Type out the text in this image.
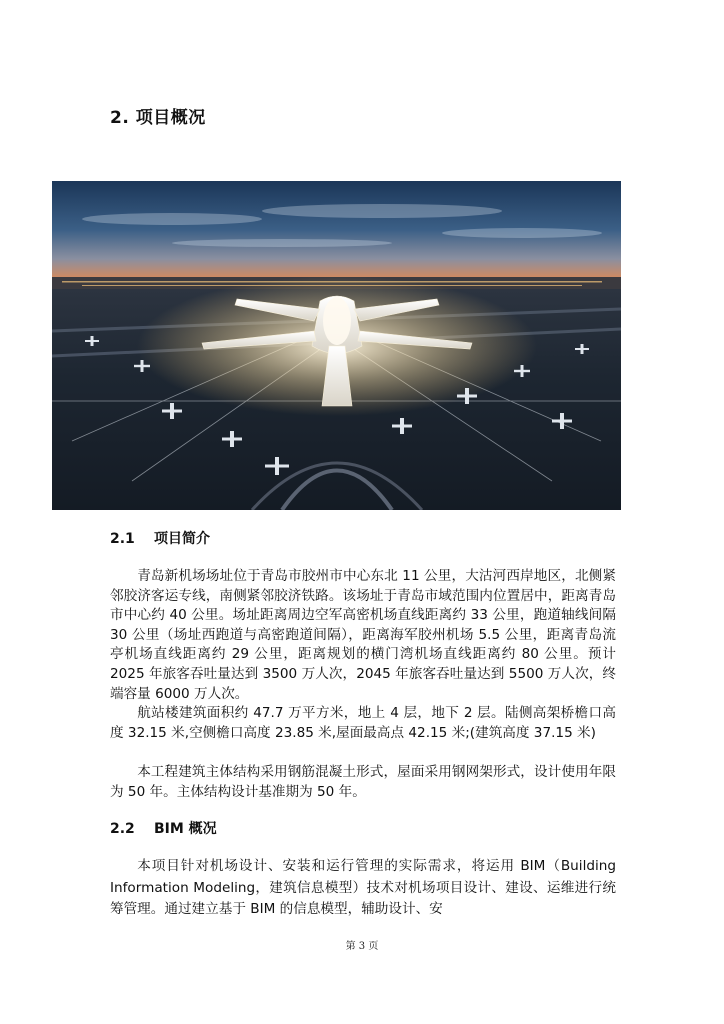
2. 项目概况
2.1 项目简介

青岛新机场场址位于青岛市胶州市中心东北 11 公里，大沽河西岸地区，北侧紧邻胶济客运专线，南侧紧邻胶济铁路。该场址于青岛市域范围内位置居中，距离青岛市中心约 40 公里。场址距离周边空军高密机场直线距离约 33 公里，跑道轴线间隔 30 公里（场址西跑道与高密跑道间隔），距离海军胶州机场 5.5 公里，距离青岛流亭机场直线距离约 29 公里，距离规划的横门湾机场直线距离约 80 公里。预计 2025 年旅客吞吐量达到 3500 万人次，2045 年旅客吞吐量达到 5500 万人次，终端容量 6000 万人次。

航站楼建筑面积约 47.7 万平方米，地上 4 层，地下 2 层。陆侧高架桥檐口高度 32.15 米,空侧檐口高度 23.85 米,屋面最高点 42.15 米;(建筑高度 37.15 米)

本工程建筑主体结构采用钢筋混凝土形式，屋面采用钢网架形式，设计使用年限为 50 年。主体结构设计基准期为 50 年。

2.2 BIM 概况

本项目针对机场设计、安装和运行管理的实际需求，将运用 BIM（Building Information Modeling，建筑信息模型）技术对机场项目设计、建设、运维进行统筹管理。通过建立基于 BIM 的信息模型，辅助设计、安

第 3 页
